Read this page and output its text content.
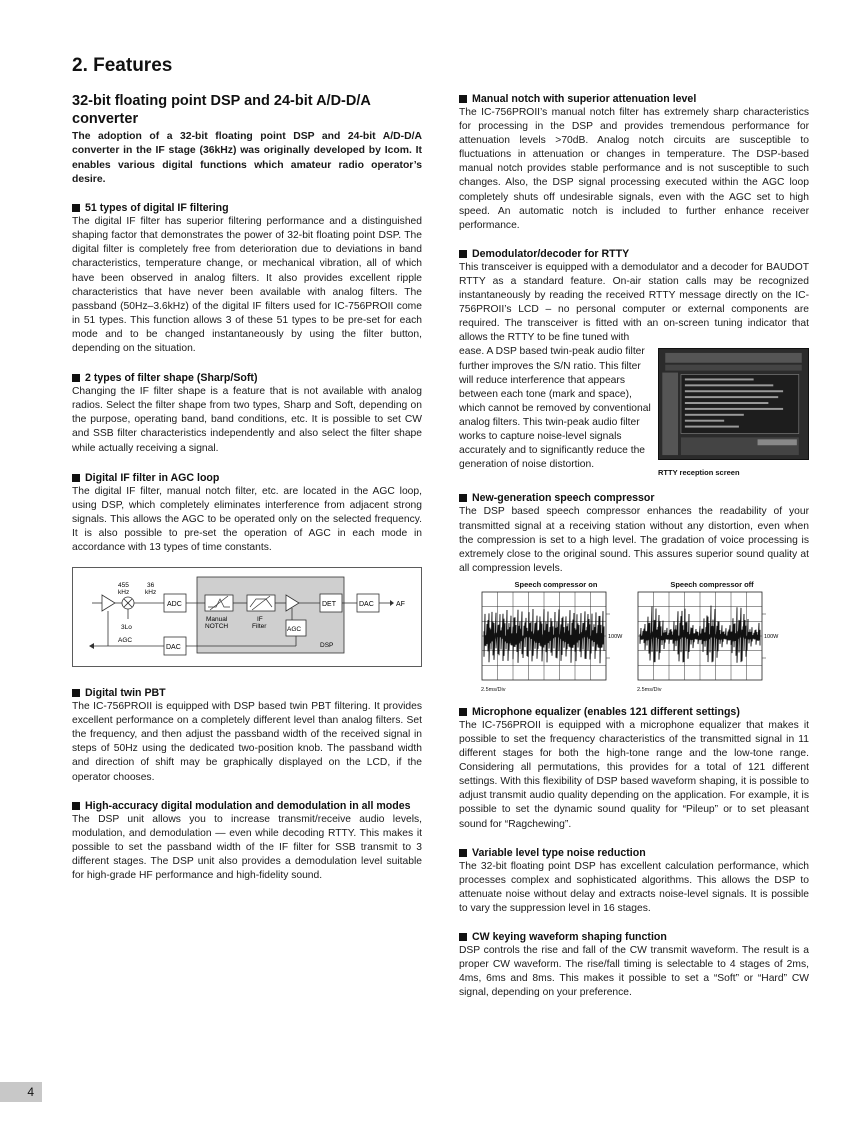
2. Features
32-bit floating point DSP and 24-bit A/D-D/A converter
The adoption of a 32-bit floating point DSP and 24-bit A/D-D/A converter in the IF stage (36kHz) was originally developed by Icom. It enables various digital functions which amateur radio operator’s desire.
51 types of digital IF filtering
The digital IF filter has superior filtering performance and a distinguished shaping factor that demonstrates the power of 32-bit floating point DSP. The digital filter is completely free from deterioration due to deviations in band characteristics, temperature change, or mechanical vibration, all of which have been observed in analog filters. It also provides excellent ripple characteristics that have never been available with analog filters. The passband (50Hz–3.6kHz) of the digital IF filters used for IC-756PROII come in 51 types. This function allows 3 of these 51 types to be pre-set for each mode and to be changed instantaneously by using the filter button, depending on the situation.
2 types of filter shape (Sharp/Soft)
Changing the IF filter shape is a feature that is not available with analog radios. Select the filter shape from two types, Sharp and Soft, depending on the purpose, operating band, band conditions, etc. It is possible to set CW and SSB filter characteristics independently and also select the filter shape while actually receiving a signal.
Digital IF filter in AGC loop
The digital IF filter, manual notch filter, etc. are located in the AGC loop, using DSP, which completely eliminates interference from adjacent strong signals. This allows the AGC to be operated only on the selected frequency. It is also possible to pre-set the operation of AGC in each mode in accordance with 13 types of time constants.
455
kHz
36
kHz
3Lo
ADC
Manual
NOTCH
IF
Filter	AGC
DET	DAC	AF
DSP
DAC
AGC
Digital twin PBT
The IC-756PROII is equipped with DSP based twin PBT filtering. It provides excellent performance on a completely different level than analog filters. Set the frequency, and then adjust the passband width of the received signal in steps of 50Hz using the dedicated two-position knob. The passband width and direction of shift may be graphically displayed on the LCD, if the operator chooses.
High-accuracy digital modulation and demodulation in all modes
The DSP unit allows you to increase transmit/receive audio levels, modulation, and demodulation — even while decoding RTTY. This makes it possible to set the passband width of the IF filter for SSB transmit to 3 different stages. The DSP unit also provides a demodulation level suitable for high-grade HF performance and high-fidelity sound.
Manual notch with superior attenuation level
The IC-756PROII’s manual notch filter has extremely sharp characteristics for processing in the DSP and provides tremendous performance for attenuation levels >70dB. Analog notch circuits are susceptible to fluctuations in attenuation or changes in temperature. The DSP-based manual notch provides stable performance and is not susceptible to such changes. Also, the DSP signal processing executed within the AGC loop completely shuts off undesirable signals, even with the AGC set to high speed. An automatic notch is included to further enhance receiver performance.
Demodulator/decoder for RTTY
This transceiver is equipped with a demodulator and a decoder for BAUDOT RTTY as a standard feature. On-air station calls may be recognized instantaneously by reading the received RTTY message directly on the IC-756PROII’s LCD – no personal computer or external components are required. The transceiver is fitted with an on-screen tuning indicator that allows the RTTY to be fine tuned with
ease. A DSP based twin-peak audio filter further improves the S/N ratio. This filter will reduce interference that appears between each tone (mark and space), which cannot be removed by conventional analog filters. This twin-peak audio filter works to capture noise-level signals accurately and to significantly reduce the generation of noise distortion.
RTTY reception screen
New-generation speech compressor
The DSP based speech compressor enhances the readability of your transmitted signal at a receiving station without any distortion, even when the compression is set to a high level. The gradation of voice processing is extremely close to the original sound. This assures superior sound quality at all compression levels.
Speech compressor on
100W
2.5ms/Div
Speech compressor off
100W
2.5ms/Div
Microphone equalizer (enables 121 different settings)
The IC-756PROII is equipped with a microphone equalizer that makes it possible to set the frequency characteristics of the transmitted signal in 11 different stages for both the high-tone range and the low-tone range. Considering all permutations, this provides for a total of 121 different settings. With this flexibility of DSP based waveform shaping, it is possible to adjust transmit audio quality depending on the application. For example, it is possible to set the dynamic sound quality for “Pileup” or to set pleasant sound for “Ragchewing”.
Variable level type noise reduction
The 32-bit floating point DSP has excellent calculation performance, which processes complex and sophisticated algorithms. This allows the DSP to attenuate noise without delay and extracts noise-level signals. It is possible to vary the suppression level in 16 stages.
CW keying waveform shaping function
DSP controls the rise and fall of the CW transmit waveform. The result is a proper CW waveform. The rise/fall timing is selectable to 4 stages of 2ms, 4ms, 6ms and 8ms. This makes it possible to set a “Soft” or “Hard” CW signal, depending on your preference.
4
